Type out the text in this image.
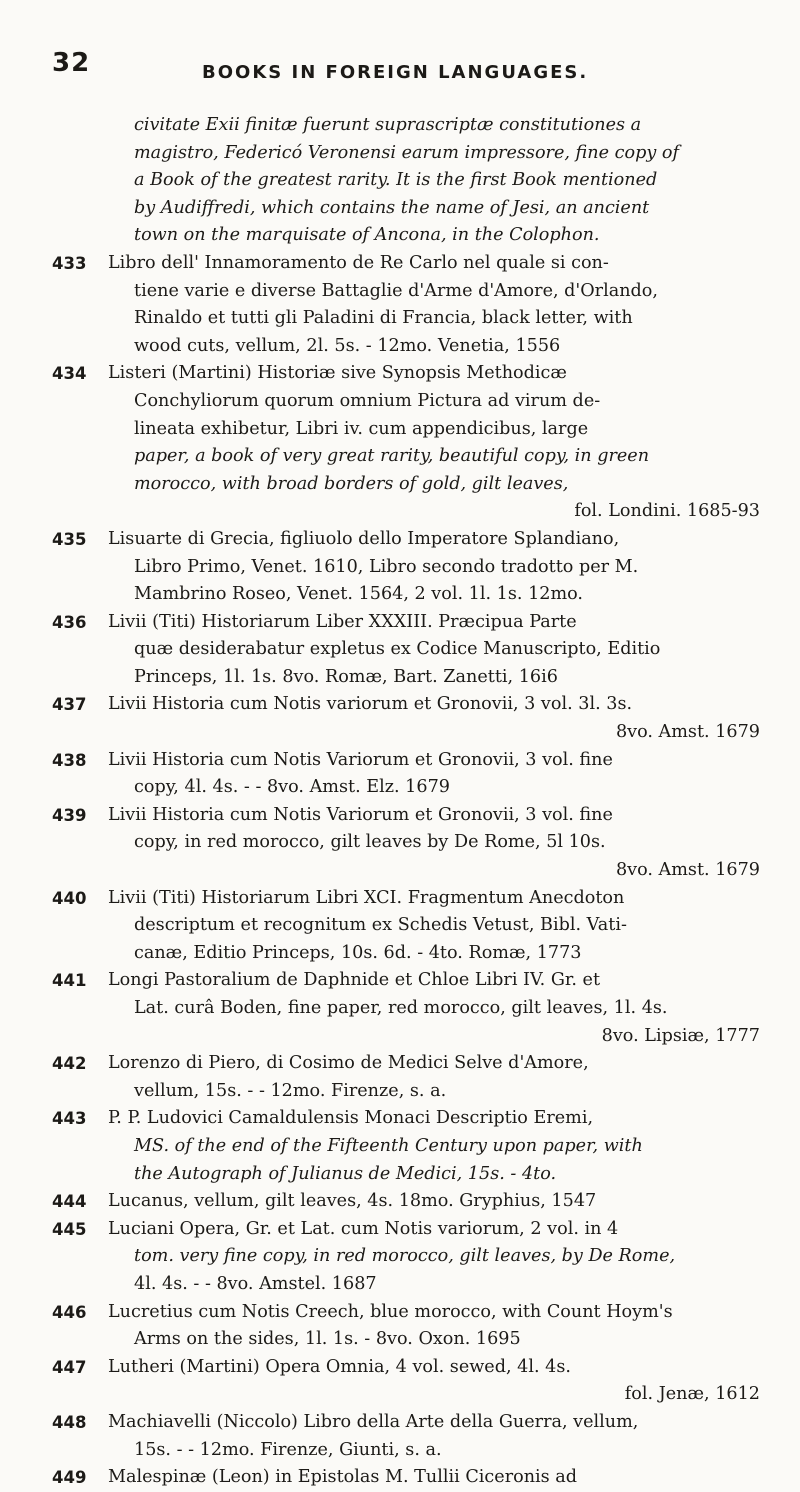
32	BOOKS IN FOREIGN LANGUAGES.
civitate Exii finitæ fuerunt suprascriptæ constitutiones a
magistro, Federicó Veronensi earum impressore, fine copy of
a Book of the greatest rarity. It is the first Book mentioned
by Audiffredi, which contains the name of Jesi, an ancient
town on the marquisate of Ancona, in the Colophon.
433 Libro dell' Innamoramento de Re Carlo nel quale si con-
tiene varie e diverse Battaglie d'Arme d'Amore, d'Orlando,
Rinaldo et tutti gli Paladini di Francia, black letter, with
wood cuts, vellum, 2l. 5s. - 12mo. Venetia, 1556
434 Listeri (Martini) Historiæ sive Synopsis Methodicæ
Conchyliorum quorum omnium Pictura ad virum de-
lineata exhibetur, Libri iv. cum appendicibus, large
paper, a book of very great rarity, beautiful copy, in green
morocco, with broad borders of gold, gilt leaves,
fol. Londini. 1685-93
435 Lisuarte di Grecia, figliuolo dello Imperatore Splandiano,
Libro Primo, Venet. 1610, Libro secondo tradotto per M.
Mambrino Roseo, Venet. 1564, 2 vol. 1l. 1s. 12mo.
436 Livii (Titi) Historiarum Liber XXXIII. Præcipua Parte
quæ desiderabatur expletus ex Codice Manuscripto, Editio
Princeps, 1l. 1s. 8vo. Romæ, Bart. Zanetti, 16i6
437 Livii Historia cum Notis variorum et Gronovii, 3 vol. 3l. 3s.
8vo. Amst. 1679
438 Livii Historia cum Notis Variorum et Gronovii, 3 vol. fine
copy, 4l. 4s. - - 8vo. Amst. Elz. 1679
439 Livii Historia cum Notis Variorum et Gronovii, 3 vol. fine
copy, in red morocco, gilt leaves by De Rome, 5l 10s.
8vo. Amst. 1679
440 Livii (Titi) Historiarum Libri XCI. Fragmentum Anecdoton
descriptum et recognitum ex Schedis Vetust, Bibl. Vati-
canæ, Editio Princeps, 10s. 6d. - 4to. Romæ, 1773
441 Longi Pastoralium de Daphnide et Chloe Libri IV. Gr. et
Lat. curâ Boden, fine paper, red morocco, gilt leaves, 1l. 4s.
8vo. Lipsiæ, 1777
442 Lorenzo di Piero, di Cosimo de Medici Selve d'Amore,
vellum, 15s. - - 12mo. Firenze, s. a.
443 P. P. Ludovici Camaldulensis Monaci Descriptio Eremi,
MS. of the end of the Fifteenth Century upon paper, with
the Autograph of Julianus de Medici, 15s. - 4to.
444 Lucanus, vellum, gilt leaves, 4s. 18mo. Gryphius, 1547
445 Luciani Opera, Gr. et Lat. cum Notis variorum, 2 vol. in 4
tom. very fine copy, in red morocco, gilt leaves, by De Rome,
4l. 4s. - - 8vo. Amstel. 1687
446 Lucretius cum Notis Creech, blue morocco, with Count Hoym's
Arms on the sides, 1l. 1s. - 8vo. Oxon. 1695
447 Lutheri (Martini) Opera Omnia, 4 vol. sewed, 4l. 4s.
fol. Jenæ, 1612
448 Machiavelli (Niccolo) Libro della Arte della Guerra, vellum,
15s. - - 12mo. Firenze, Giunti, s. a.
449 Malespinæ (Leon) in Epistolas M. Tullii Ciceronis ad
